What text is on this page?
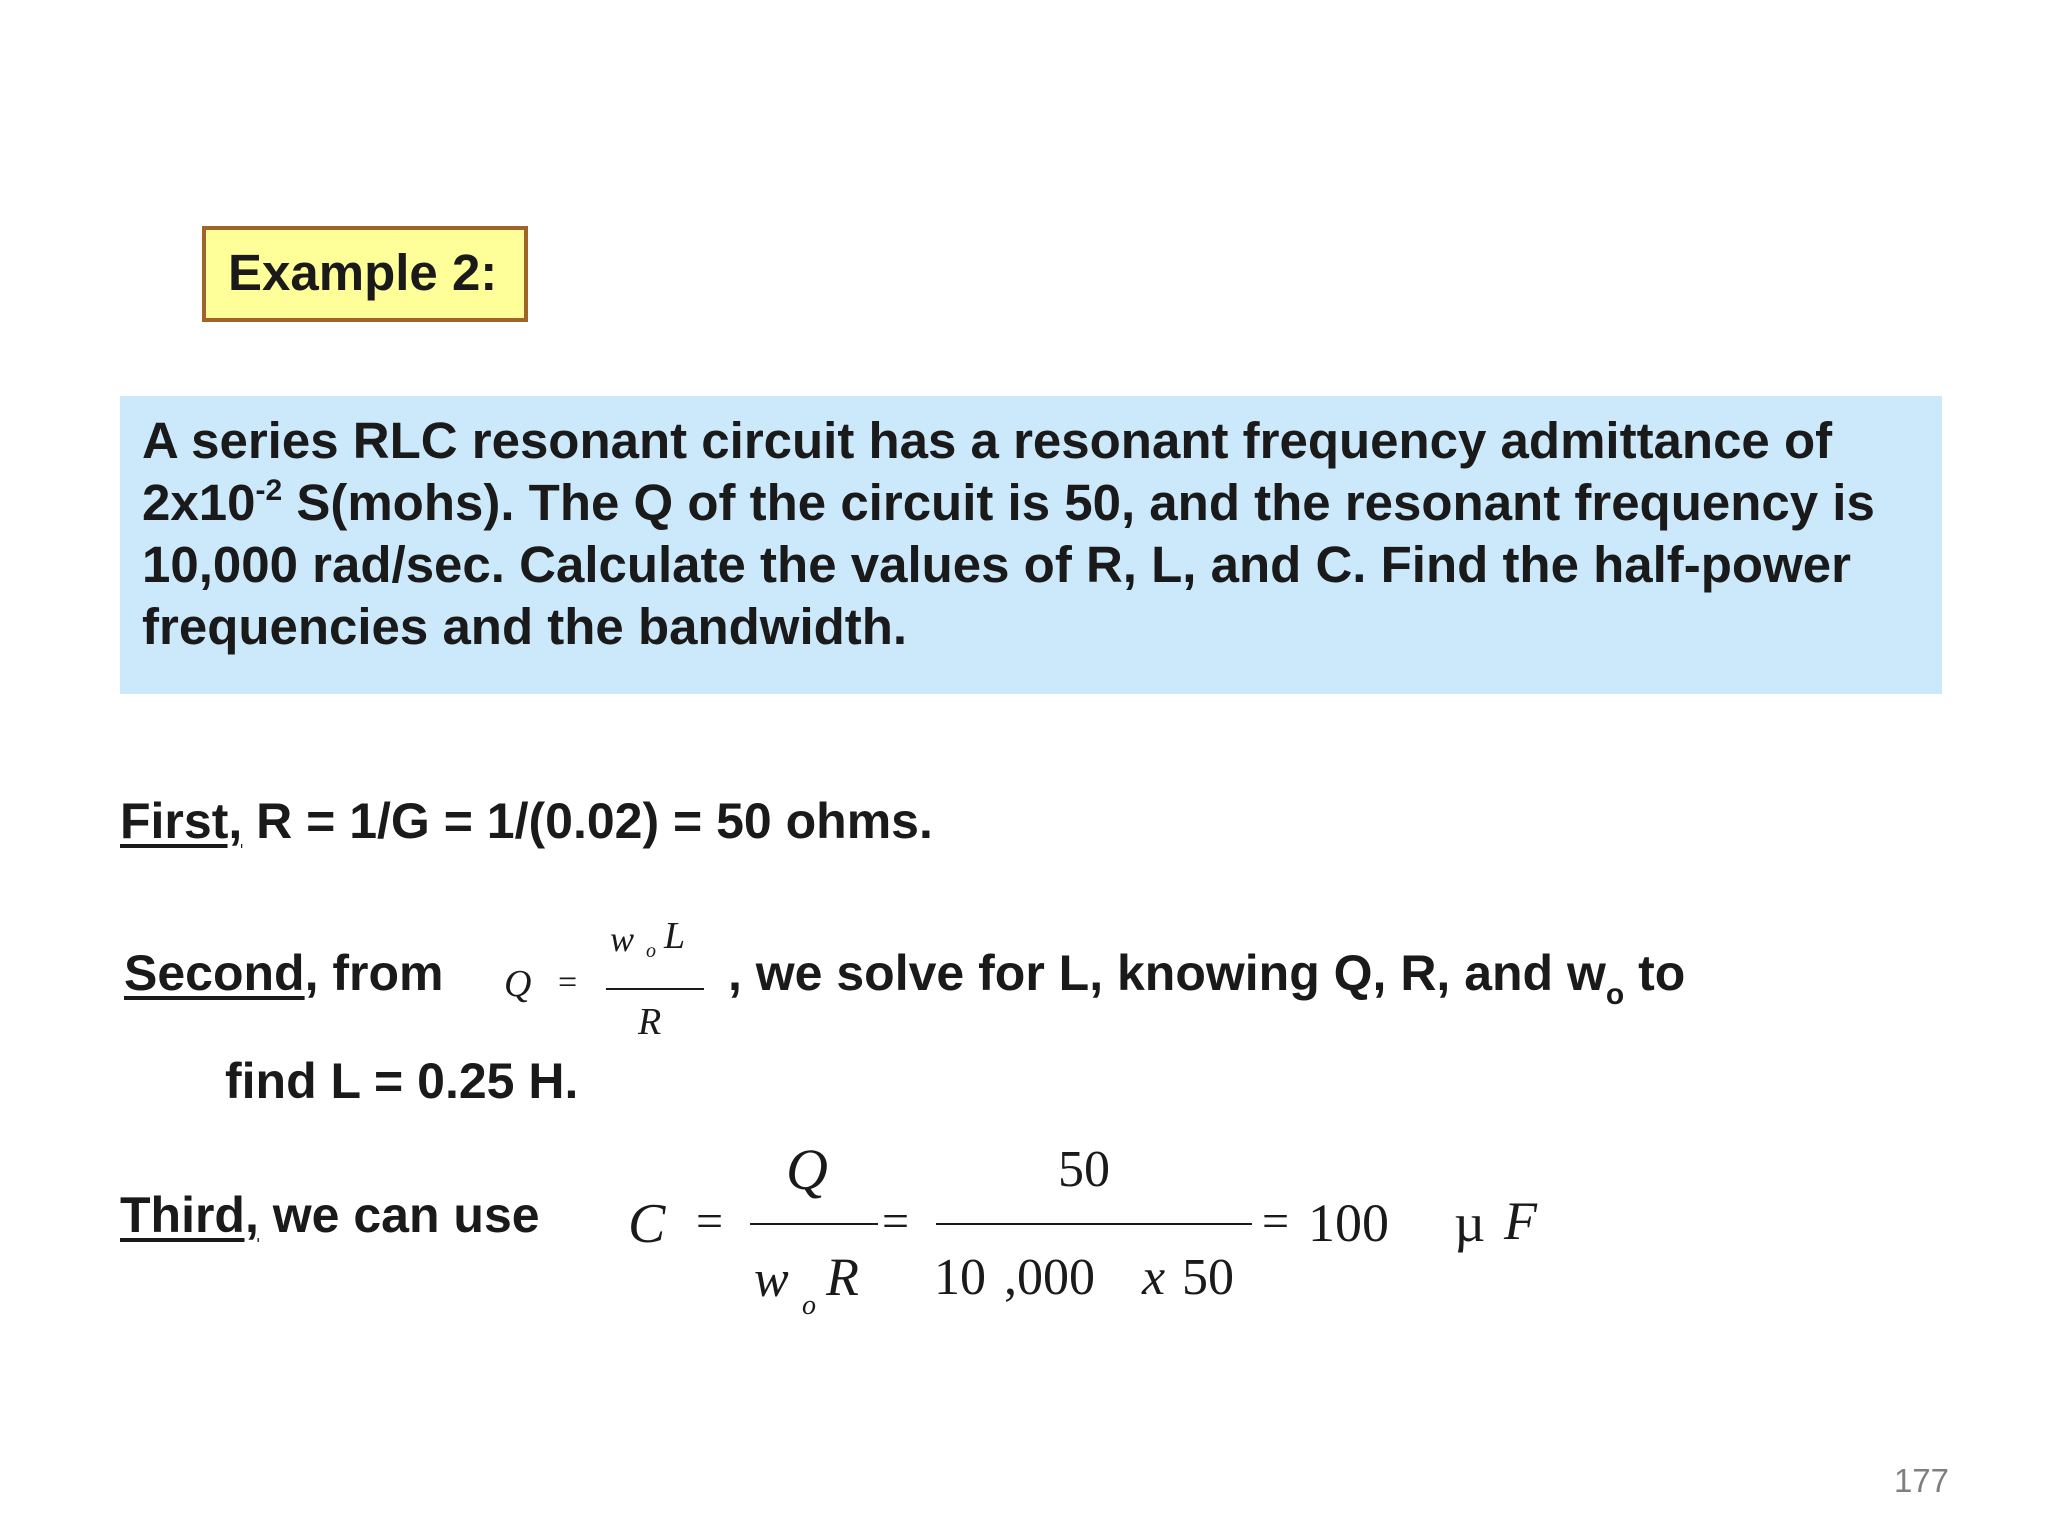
Example 2:
A series RLC resonant circuit has a resonant frequency admittance of
$2x10^{-2}$ S(mohs). The Q of the circuit is 50, and the resonant frequency is
10,000 rad/sec. Calculate the values of R, L, and C. Find the half-power
frequencies and the bandwidth.
First, R = 1/G = 1/(0.02) = 50 ohms.
Second, from Q =
w o L
R
, we solve for L, knowing Q, R, and $w_o$ to
find L = 0.25 H.
Third, we can use C =
Q
w o R
=
50
10 ,000 x 50
= 100 µ F
177
